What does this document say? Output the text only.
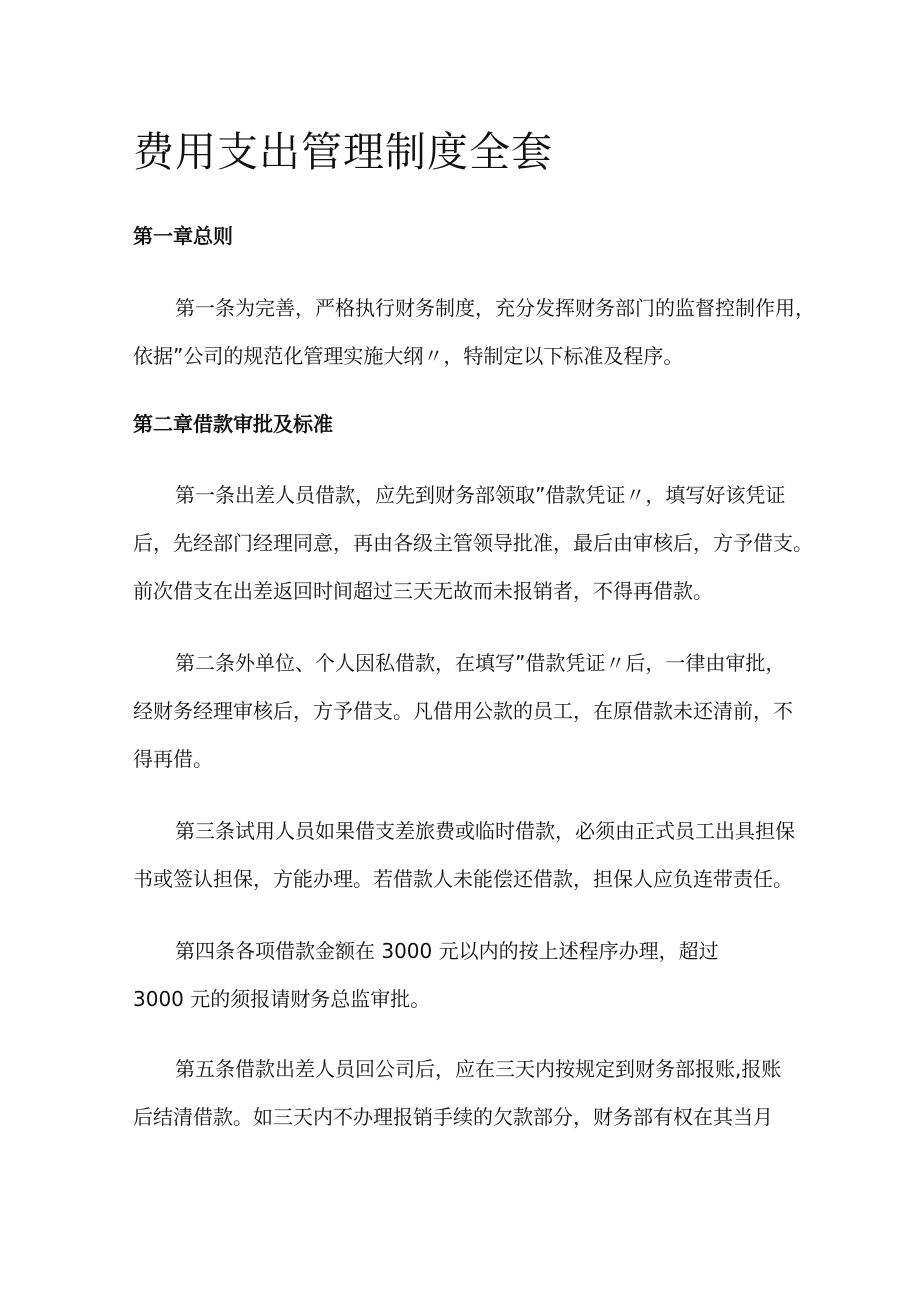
费用支出管理制度全套
第一章总则

第一条为完善，严格执行财务制度，充分发挥财务部门的监督控制作用，
依据”公司的规范化管理实施大纲〃，特制定以下标准及程序。

第二章借款审批及标准

第一条出差人员借款，应先到财务部领取”借款凭证〃，填写好该凭证
后，先经部门经理同意，再由各级主管领导批准，最后由审核后，方予借支。
前次借支在出差返回时间超过三天无故而未报销者，不得再借款。

第二条外单位、个人因私借款，在填写”借款凭证〃后，一律由审批，
经财务经理审核后，方予借支。凡借用公款的员工，在原借款未还清前，不
得再借。

第三条试用人员如果借支差旅费或临时借款，必须由正式员工出具担保
书或签认担保，方能办理。若借款人未能偿还借款，担保人应负连带责任。

第四条各项借款金额在 3000 元以内的按上述程序办理，超过
3000 元的须报请财务总监审批。

第五条借款出差人员回公司后，应在三天内按规定到财务部报账,报账
后结清借款。如三天内不办理报销手续的欠款部分，财务部有权在其当月
